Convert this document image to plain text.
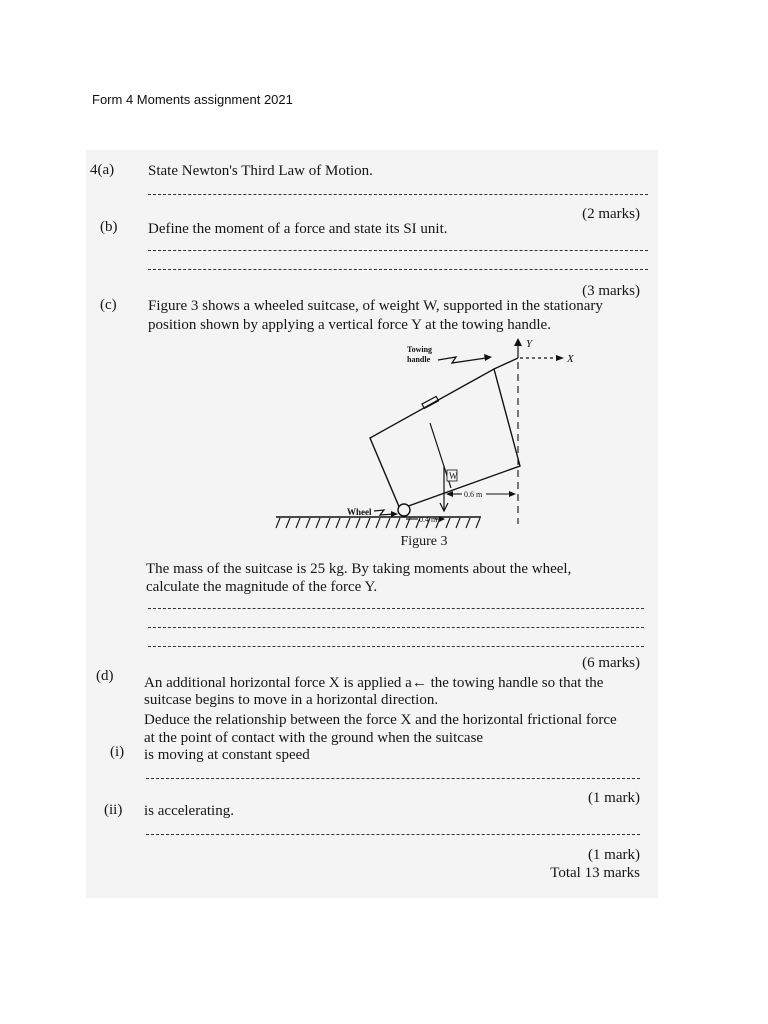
Form 4 Moments assignment 2021
4(a) State Newton's Third Law of Motion.
(2 marks)
(b) Define the moment of a force and state its SI unit.
(3 marks)
(c) Figure 3 shows a wheeled suitcase, of weight W, supported in the stationary
position shown by applying a vertical force Y at the towing handle.
Y
X
W
Towing
handle
Wheel
0.6 m
0.4 m
Figure 3
The mass of the suitcase is 25 kg. By taking moments about the wheel,
calculate the magnitude of the force Y.
(6 marks)
(d) An additional horizontal force X is applied a← the towing handle so that the
suitcase begins to move in a horizontal direction.
Deduce the relationship between the force X and the horizontal frictional force
at the point of contact with the ground when the suitcase
(i) is moving at constant speed
(1 mark)
(ii) is accelerating.
(1 mark)
Total 13 marks
